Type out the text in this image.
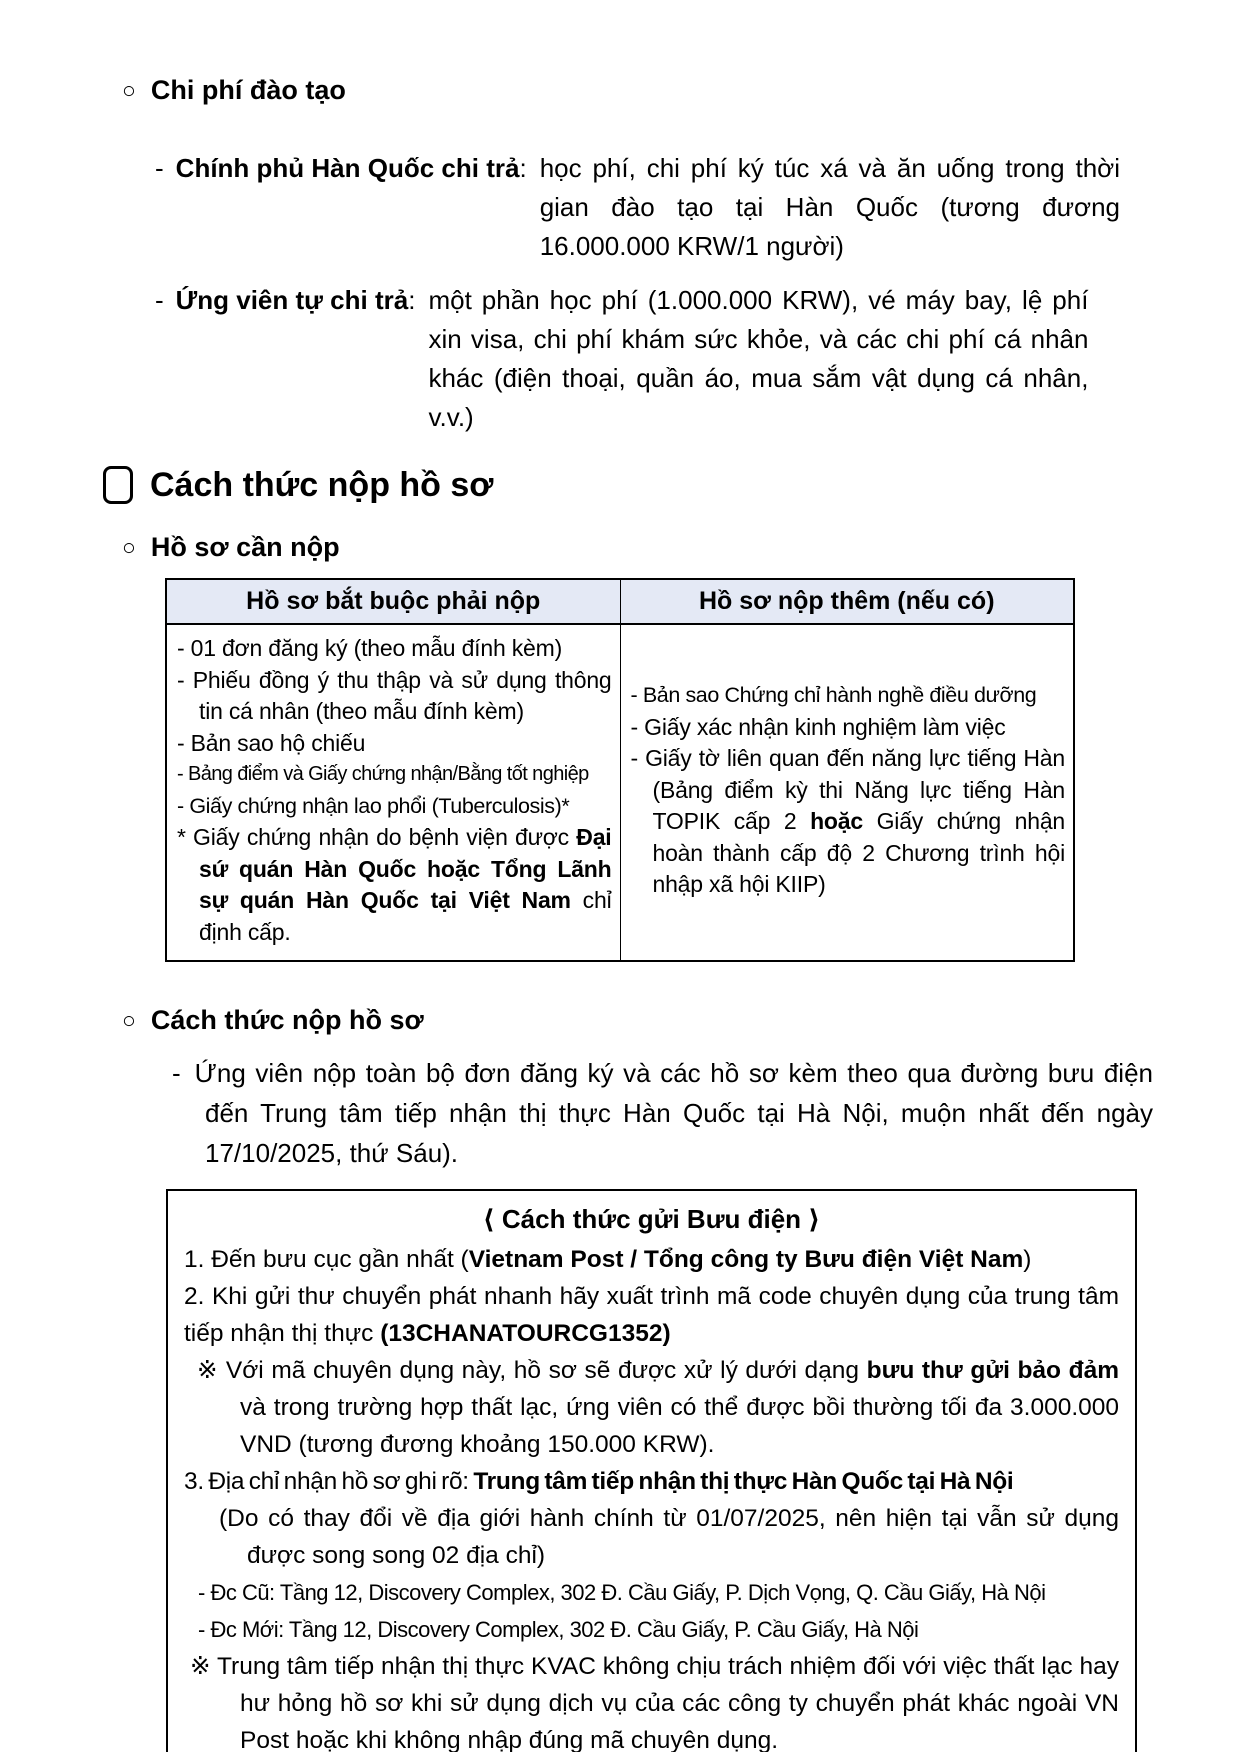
○ Chi phí đào tạo
- Chính phủ Hàn Quốc chi trả: học phí, chi phí ký túc xá và ăn uống trong thời gian đào tạo tại Hàn Quốc (tương đương 16.000.000 KRW/1 người)
- Ứng viên tự chi trả: một phần học phí (1.000.000 KRW), vé máy bay, lệ phí xin visa, chi phí khám sức khỏe, và các chi phí cá nhân khác (điện thoại, quần áo, mua sắm vật dụng cá nhân, v.v.)
Cách thức nộp hồ sơ
○ Hồ sơ cần nộp
Hồ sơ bắt buộc phải nộp	Hồ sơ nộp thêm (nếu có)

- 01 đơn đăng ký (theo mẫu đính kèm)
- Phiếu đồng ý thu thập và sử dụng thông tin cá nhân (theo mẫu đính kèm)
- Bản sao hộ chiếu
- Bảng điểm và Giấy chứng nhận/Bằng tốt nghiệp
- Giấy chứng nhận lao phổi (Tuberculosis)*
* Giấy chứng nhận do bệnh viện được Đại sứ quán Hàn Quốc hoặc Tổng Lãnh sự quán Hàn Quốc tại Việt Nam chỉ định cấp.

- Bản sao Chứng chỉ hành nghề điều dưỡng
- Giấy xác nhận kinh nghiệm làm việc
- Giấy tờ liên quan đến năng lực tiếng Hàn (Bảng điểm kỳ thi Năng lực tiếng Hàn TOPIK cấp 2 hoặc Giấy chứng nhận hoàn thành cấp độ 2 Chương trình hội nhập xã hội KIIP)
○ Cách thức nộp hồ sơ
- Ứng viên nộp toàn bộ đơn đăng ký và các hồ sơ kèm theo qua đường bưu điện đến Trung tâm tiếp nhận thị thực Hàn Quốc tại Hà Nội, muộn nhất đến ngày 17/10/2025, thứ Sáu).
⟨ Cách thức gửi Bưu điện ⟩
1. Đến bưu cục gần nhất (Vietnam Post / Tổng công ty Bưu điện Việt Nam)
2. Khi gửi thư chuyển phát nhanh hãy xuất trình mã code chuyên dụng của trung tâm tiếp nhận thị thực (13CHANATOURCG1352)
※ Với mã chuyên dụng này, hồ sơ sẽ được xử lý dưới dạng bưu thư gửi bảo đảm và trong trường hợp thất lạc, ứng viên có thể được bồi thường tối đa 3.000.000 VND (tương đương khoảng 150.000 KRW).
3. Địa chỉ nhận hồ sơ ghi rõ: Trung tâm tiếp nhận thị thực Hàn Quốc tại Hà Nội
(Do có thay đổi về địa giới hành chính từ 01/07/2025, nên hiện tại vẫn sử dụng được song song 02 địa chỉ)
- Đc Cũ: Tầng 12, Discovery Complex, 302 Đ. Cầu Giấy, P. Dịch Vọng, Q. Cầu Giấy, Hà Nội
- Đc Mới: Tầng 12, Discovery Complex, 302 Đ. Cầu Giấy, P. Cầu Giấy, Hà Nội
※ Trung tâm tiếp nhận thị thực KVAC không chịu trách nhiệm đối với việc thất lạc hay hư hỏng hồ sơ khi sử dụng dịch vụ của các công ty chuyển phát khác ngoài VN Post hoặc khi không nhập đúng mã chuyên dụng.
